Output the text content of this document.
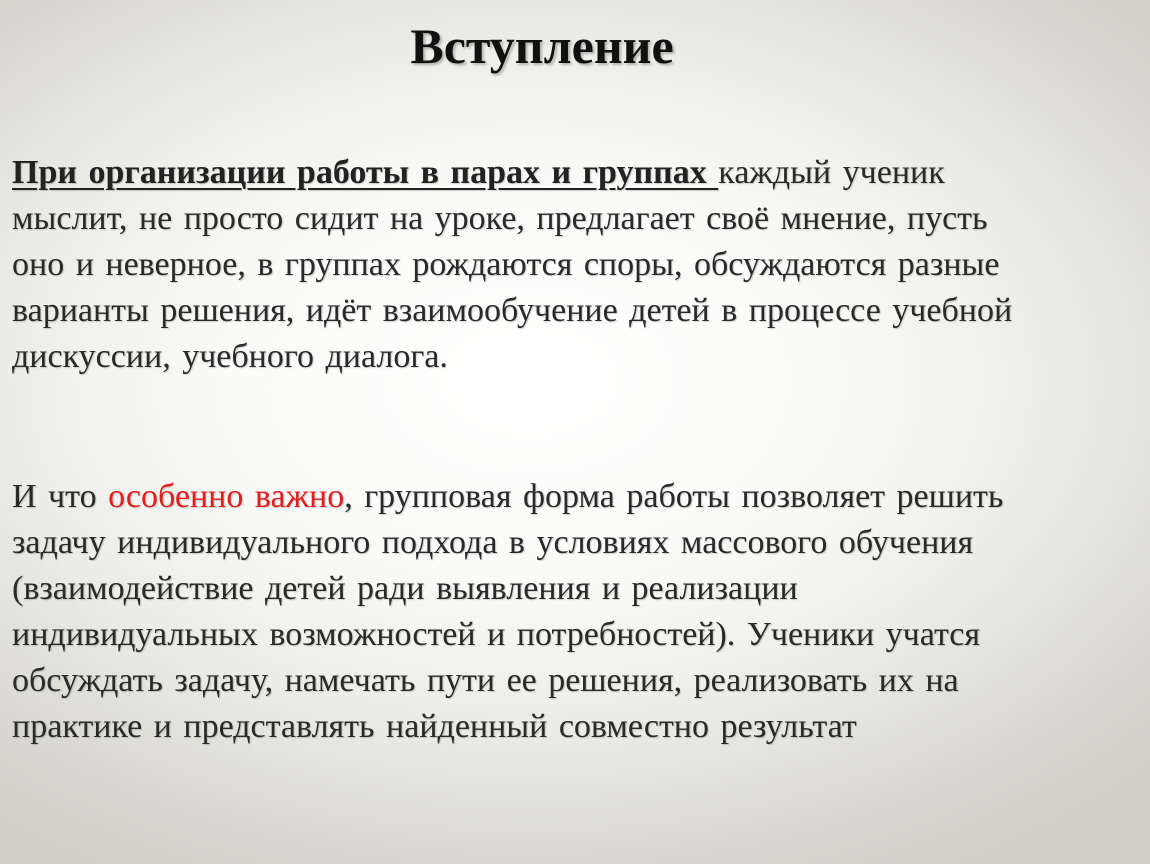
Вступление

При организации работы в парах и группах каждый ученик
мыслит, не просто сидит на уроке, предлагает своё мнение, пусть
оно и неверное, в группах рождаются споры, обсуждаются разные
варианты решения, идёт взаимообучение детей в процессе учебной
дискуссии, учебного диалога.

И что особенно важно, групповая форма работы позволяет решить
задачу индивидуального подхода в условиях массового обучения
(взаимодействие детей ради выявления и реализации
индивидуальных возможностей и потребностей). Ученики учатся
обсуждать задачу, намечать пути ее решения, реализовать их на
практике и представлять найденный совместно результат
